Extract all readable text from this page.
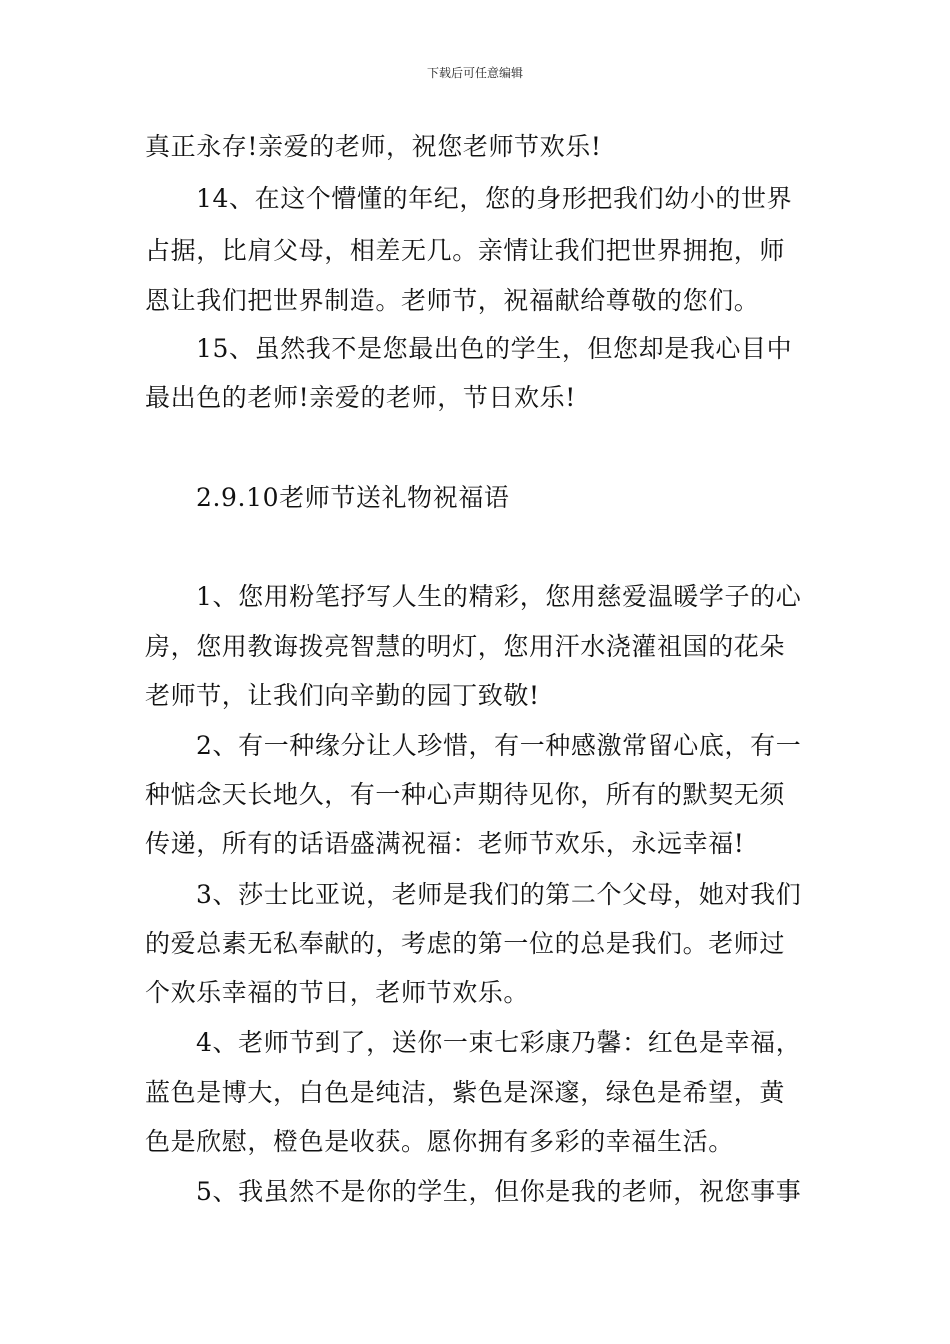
下载后可任意编辑
真正永存!亲爱的老师，祝您老师节欢乐!
14、在这个懵懂的年纪，您的身形把我们幼小的世界
占据，比肩父母，相差无几。亲情让我们把世界拥抱，师
恩让我们把世界制造。老师节，祝福献给尊敬的您们。
15、虽然我不是您最出色的学生，但您却是我心目中
最出色的老师!亲爱的老师，节日欢乐!
2.9.10老师节送礼物祝福语
1、您用粉笔抒写人生的精彩，您用慈爱温暖学子的心
房，您用教诲拨亮智慧的明灯，您用汗水浇灌祖国的花朵
老师节，让我们向辛勤的园丁致敬!
2、有一种缘分让人珍惜，有一种感激常留心底，有一
种惦念天长地久，有一种心声期待见你，所有的默契无须
传递，所有的话语盛满祝福：老师节欢乐，永远幸福!
3、莎士比亚说，老师是我们的第二个父母，她对我们
的爱总素无私奉献的，考虑的第一位的总是我们。老师过
个欢乐幸福的节日，老师节欢乐。
4、老师节到了，送你一束七彩康乃馨：红色是幸福，
蓝色是博大，白色是纯洁，紫色是深邃，绿色是希望，黄
色是欣慰，橙色是收获。愿你拥有多彩的幸福生活。
5、我虽然不是你的学生，但你是我的老师，祝您事事
